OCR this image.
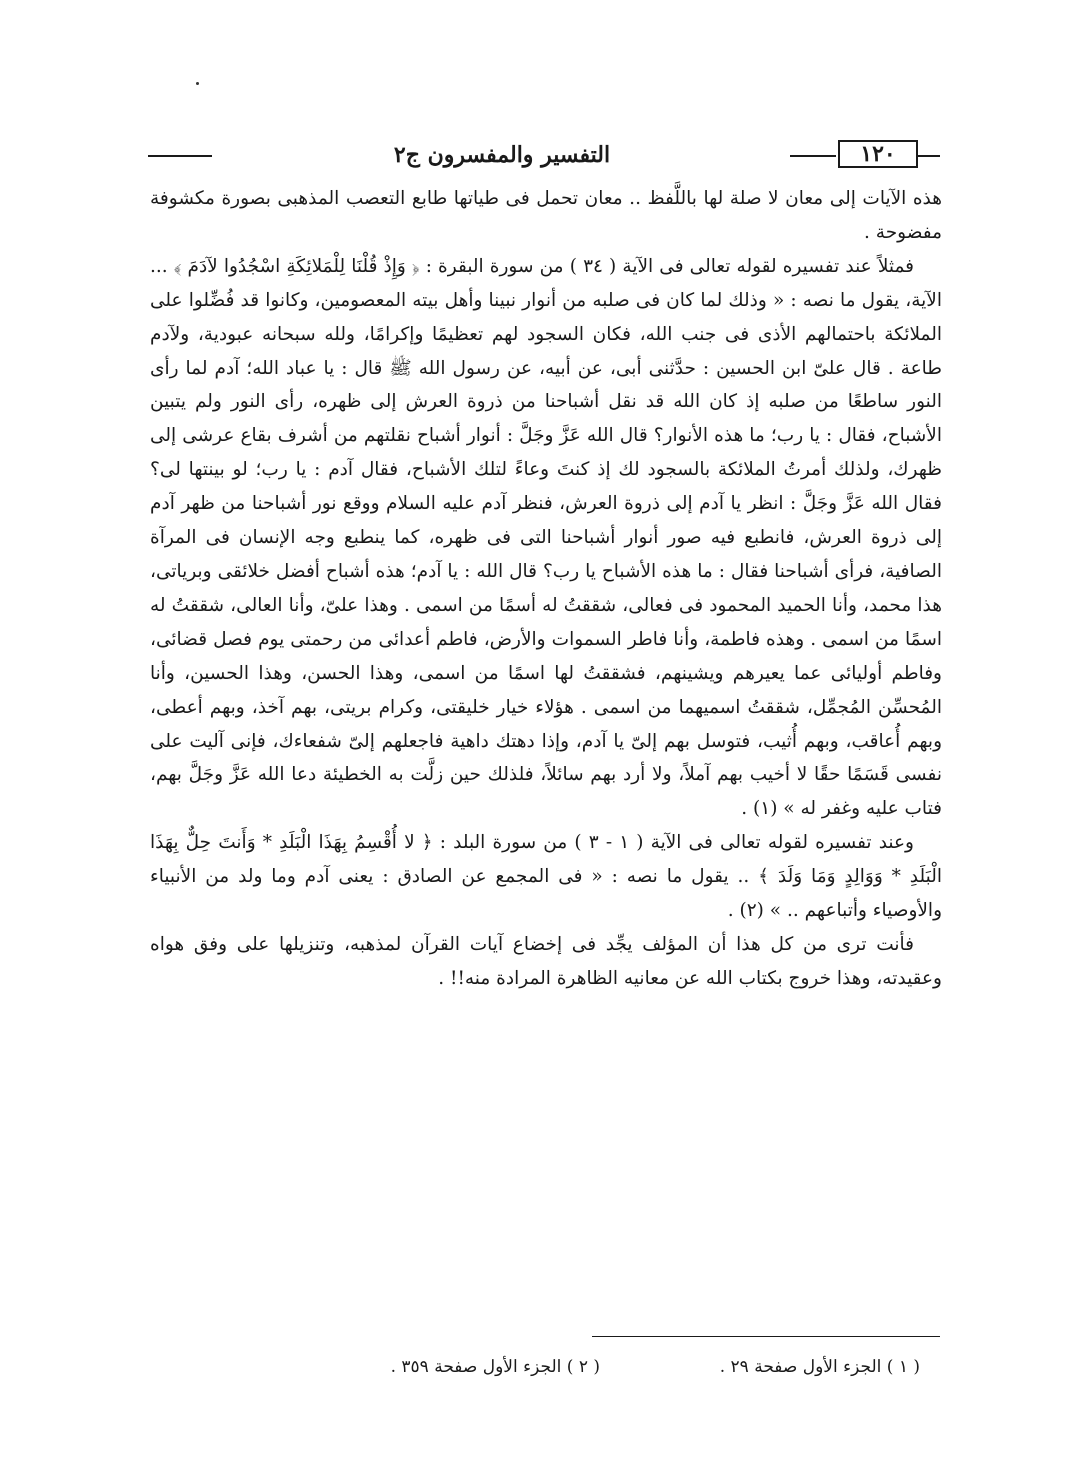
١٢٠
التفسير والمفسرون ج٢

هذه الآيات إلى معان لا صلة لها باللَّفظ .. معان تحمل فى طياتها طابع التعصب المذهبى بصورة مكشوفة مفضوحة .

فمثلاً عند تفسيره لقوله تعالى فى الآية ( ٣٤ ) من سورة البقرة : ﴿ وَإِذْ قُلْنَا لِلْمَلائِكَةِ اسْجُدُوا لآدَمَ ﴾ ... الآية، يقول ما نصه : « وذلك لما كان فى صلبه من أنوار نبينا وأهل بيته المعصومين، وكانوا قد فُضِّلوا على الملائكة باحتمالهم الأذى فى جنب الله، فكان السجود لهم تعظيمًا وإكرامًا، ولله سبحانه عبودية، ولآدم طاعة . قال علىّ ابن الحسين : حدَّثنى أبى، عن أبيه، عن رسول الله ﷺ قال : يا عباد الله؛ آدم لما رأى النور ساطعًا من صلبه إذ كان الله قد نقل أشباحنا من ذروة العرش إلى ظهره، رأى النور ولم يتبين الأشباح، فقال : يا رب؛ ما هذه الأنوار؟ قال الله عَزَّ وجَلَّ : أنوار أشباح نقلتهم من أشرف بقاع عرشى إلى ظهرك، ولذلك أمرتُ الملائكة بالسجود لك إذ كنتَ وعاءً لتلك الأشباح، فقال آدم : يا رب؛ لو بينتها لى؟ فقال الله عَزَّ وجَلَّ : انظر يا آدم إلى ذروة العرش، فنظر آدم عليه السلام ووقع نور أشباحنا من ظهر آدم إلى ذروة العرش، فانطبع فيه صور أنوار أشباحنا التى فى ظهره، كما ينطبع وجه الإنسان فى المرآة الصافية، فرأى أشباحنا فقال : ما هذه الأشباح يا رب؟ قال الله : يا آدم؛ هذه أشباح أفضل خلائقى وبرياتى، هذا محمد، وأنا الحميد المحمود فى فعالى، شققتُ له أسمًا من اسمى . وهذا علىّ، وأنا العالى، شققتُ له اسمًا من اسمى . وهذه فاطمة، وأنا فاطر السموات والأرض، فاطم أعدائى من رحمتى يوم فصل قضائى، وفاطم أوليائى عما يعيرهم ويشينهم، فشققتُ لها اسمًا من اسمى، وهذا الحسن، وهذا الحسين، وأنا المُحسِّن المُجمِّل، شققتُ اسميهما من اسمى . هؤلاء خيار خليقتى، وكرام بريتى، بهم آخذ، وبهم أعطى، وبهم أُعاقب، وبهم أُثيب، فتوسل بهم إلىّ يا آدم، وإذا دهتك داهية فاجعلهم إلىّ شفعاءك، فإنى آليت على نفسى قَسَمًا حقًا لا أخيب بهم آملاً، ولا أرد بهم سائلاً، فلذلك حين زلَّت به الخطيئة دعا الله عَزَّ وجَلَّ بهم، فتاب عليه وغفر له » (١) .

وعند تفسيره لقوله تعالى فى الآية ( ١ - ٣ ) من سورة البلد : ﴿ لا أُقْسِمُ بِهَذَا الْبَلَدِ * وَأَنتَ حِلٌّ بِهَذَا الْبَلَدِ * وَوَالِدٍ وَمَا وَلَدَ ﴾ .. يقول ما نصه : « فى المجمع عن الصادق : يعنى آدم وما ولد من الأنبياء والأوصياء وأتباعهم .. » (٢) .

فأنت ترى من كل هذا أن المؤلف يجِّد فى إخضاع آيات القرآن لمذهبه، وتنزيلها على وفق هواه وعقيدته، وهذا خروج بكتاب الله عن معانيه الظاهرة المرادة منه!! .

( ١ ) الجزء الأول صفحة ٢٩ .
( ٢ ) الجزء الأول صفحة ٣٥٩ .
